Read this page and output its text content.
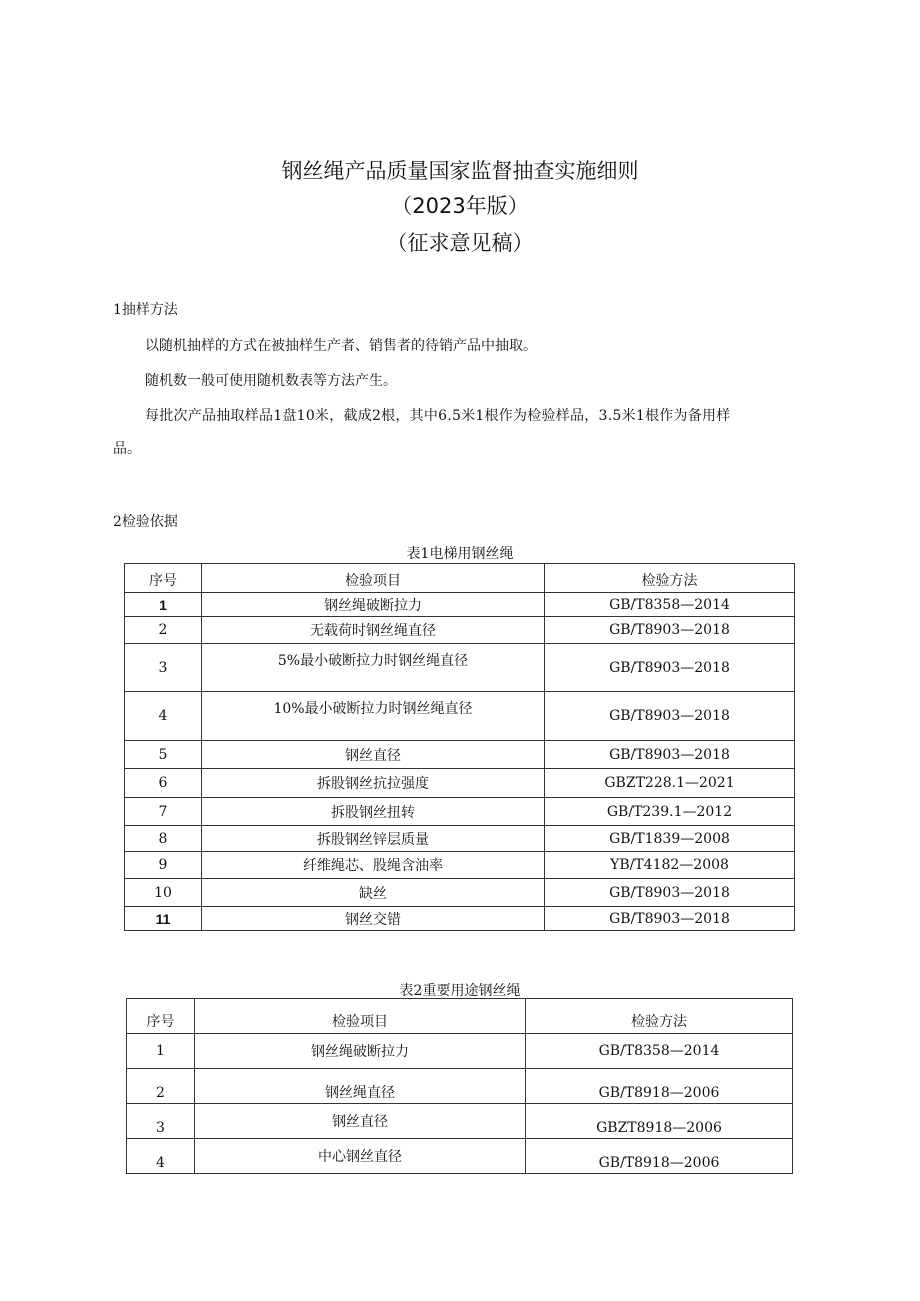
钢丝绳产品质量国家监督抽查实施细则
（2023年版）
（征求意见稿）
1抽样方法
以随机抽样的方式在被抽样生产者、销售者的待销产品中抽取。
随机数一般可使用随机数表等方法产生。
每批次产品抽取样品1盘10米，截成2根，其中6.5米1根作为检验样品，3.5米1根作为备用样
品。
2检验依据
表1电梯用钢丝绳
序号	检验项目	检验方法
1	钢丝绳破断拉力	GB/T8358—2014
2	无载荷时钢丝绳直径	GB/T8903—2018
3	5%最小破断拉力时钢丝绳直径	GB/T8903—2018
4	10%最小破断拉力时钢丝绳直径	GB/T8903—2018
5	钢丝直径	GB/T8903—2018
6	拆股钢丝抗拉强度	GBZT228.1—2021
7	拆股钢丝扭转	GB/T239.1—2012
8	拆股钢丝锌层质量	GB/T1839—2008
9	纤维绳芯、股绳含油率	YB/T4182—2008
10	缺丝	GB/T8903—2018
11	钢丝交错	GB/T8903—2018
表2重要用途钢丝绳
序号	检验项目	检验方法
1	钢丝绳破断拉力	GB/T8358—2014
2	钢丝绳直径	GB/T8918—2006
3	钢丝直径	GBZT8918—2006
4	中心钢丝直径	GB/T8918—2006
